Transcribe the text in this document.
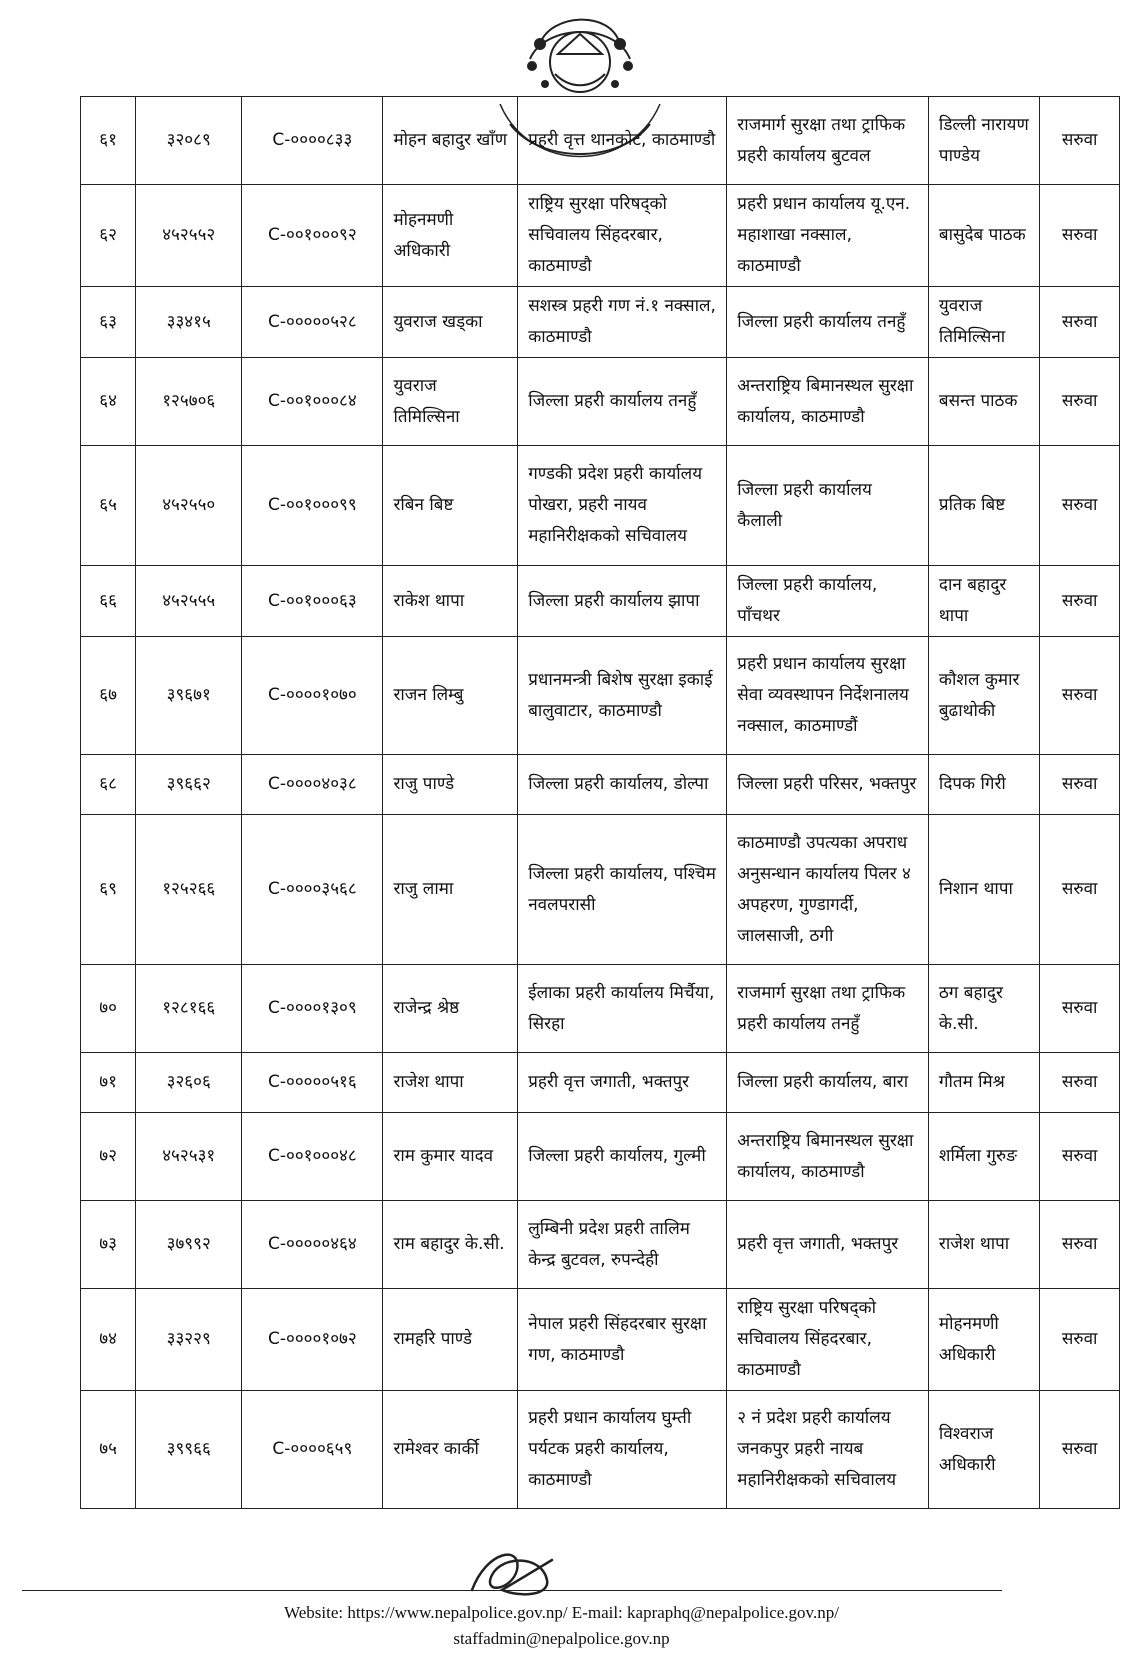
६१	३२०८९	C-००००८३३	मोहन बहादुर खाँण	प्रहरी वृत्त थानकोट, काठमाण्डौ	राजमार्ग सुरक्षा तथा ट्राफिक प्रहरी कार्यालय बुटवल	डिल्ली नारायण पाण्डेय	सरुवा
६२	४५२५५२	C-००१०००९२	मोहनमणी अधिकारी	राष्ट्रिय सुरक्षा परिषद्को सचिवालय सिंहदरबार, काठमाण्डौ	प्रहरी प्रधान कार्यालय यू.एन. महाशाखा नक्साल, काठमाण्डौ	बासुदेब पाठक	सरुवा
६३	३३४१५	C-०००००५२८	युवराज खड्का	सशस्त्र प्रहरी गण नं.१ नक्साल, काठमाण्डौ	जिल्ला प्रहरी कार्यालय तनहुँ	युवराज तिमिल्सिना	सरुवा
६४	१२५७०६	C-००१०००८४	युवराज तिमिल्सिना	जिल्ला प्रहरी कार्यालय तनहुँ	अन्तराष्ट्रिय बिमानस्थल सुरक्षा कार्यालय, काठमाण्डौ	बसन्त पाठक	सरुवा
६५	४५२५५०	C-००१०००९९	रबिन बिष्ट	गण्डकी प्रदेश प्रहरी कार्यालय पोखरा, प्रहरी नायव महानिरीक्षकको सचिवालय	जिल्ला प्रहरी कार्यालय कैलाली	प्रतिक बिष्ट	सरुवा
६६	४५२५५५	C-००१०००६३	राकेश थापा	जिल्ला प्रहरी कार्यालय झापा	जिल्ला प्रहरी कार्यालय, पाँचथर	दान बहादुर थापा	सरुवा
६७	३९६७१	C-००००१०७०	राजन लिम्बु	प्रधानमन्त्री बिशेष सुरक्षा इकाई बालुवाटार, काठमाण्डौ	प्रहरी प्रधान कार्यालय सुरक्षा सेवा व्यवस्थापन निर्देशनालय नक्साल, काठमाण्डौं	कौशल कुमार बुढाथोकी	सरुवा
६८	३९६६२	C-००००४०३८	राजु पाण्डे	जिल्ला प्रहरी कार्यालय, डोल्पा	जिल्ला प्रहरी परिसर, भक्तपुर	दिपक गिरी	सरुवा
६९	१२५२६६	C-००००३५६८	राजु लामा	जिल्ला प्रहरी कार्यालय, पश्चिम नवलपरासी	काठमाण्डौ उपत्यका अपराध अनुसन्धान कार्यालय पिलर ४ अपहरण, गुण्डागर्दी, जालसाजी, ठगी	निशान थापा	सरुवा
७०	१२८१६६	C-००००१३०९	राजेन्द्र श्रेष्ठ	ईलाका प्रहरी कार्यालय मिर्चैया, सिरहा	राजमार्ग सुरक्षा तथा ट्राफिक प्रहरी कार्यालय तनहुँ	ठग बहादुर के.सी.	सरुवा
७१	३२६०६	C-०००००५१६	राजेश थापा	प्रहरी वृत्त जगाती, भक्तपुर	जिल्ला प्रहरी कार्यालय, बारा	गौतम मिश्र	सरुवा
७२	४५२५३१	C-००१०००४८	राम कुमार यादव	जिल्ला प्रहरी कार्यालय, गुल्मी	अन्तराष्ट्रिय बिमानस्थल सुरक्षा कार्यालय, काठमाण्डौ	शर्मिला गुरुङ	सरुवा
७३	३७९९२	C-०००००४६४	राम बहादुर के.सी.	लुम्बिनी प्रदेश प्रहरी तालिम केन्द्र बुटवल, रुपन्देही	प्रहरी वृत्त जगाती, भक्तपुर	राजेश थापा	सरुवा
७४	३३२२९	C-००००१०७२	रामहरि पाण्डे	नेपाल प्रहरी सिंहदरबार सुरक्षा गण, काठमाण्डौ	राष्ट्रिय सुरक्षा परिषद्को सचिवालय सिंहदरबार, काठमाण्डौ	मोहनमणी अधिकारी	सरुवा
७५	३९९६६	C-००००६५९	रामेश्वर कार्की	प्रहरी प्रधान कार्यालय घुम्ती पर्यटक प्रहरी कार्यालय, काठमाण्डौ	२ नं प्रदेश प्रहरी कार्यालय जनकपुर प्रहरी नायब महानिरीक्षकको सचिवालय	विश्वराज अधिकारी	सरुवा
Website: https://www.nepalpolice.gov.np/ E-mail: kapraphq@nepalpolice.gov.np/
staffadmin@nepalpolice.gov.np
